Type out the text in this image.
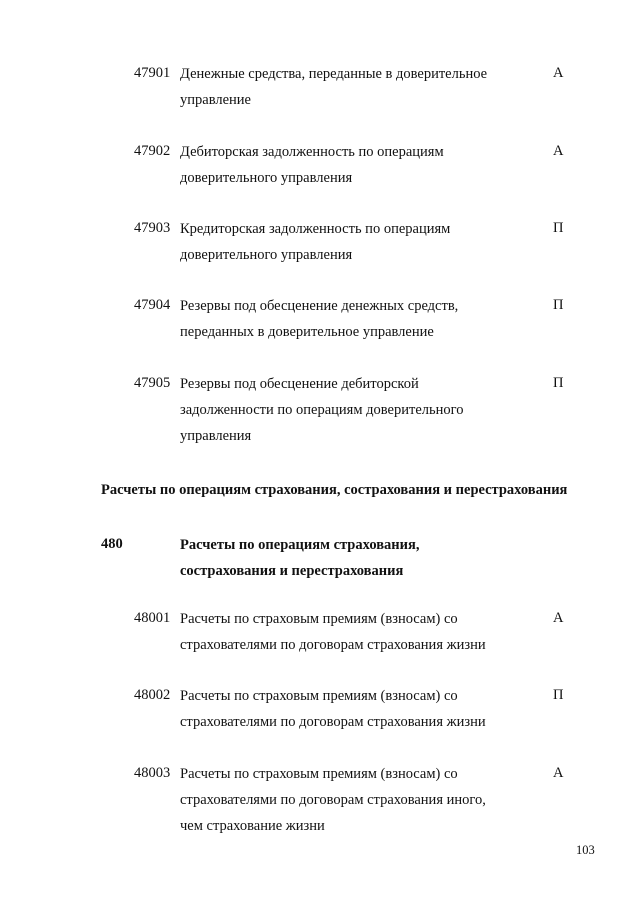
47901 Денежные средства, переданные в доверительное
управление
А
47902 Дебиторская задолженность по операциям
доверительного управления
А
47903 Кредиторская задолженность по операциям
доверительного управления
П
47904 Резервы под обесценение денежных средств,
переданных в доверительное управление
П
47905 Резервы под обесценение дебиторской
задолженности по операциям доверительного
управления
П
Расчеты по операциям страхования, сострахования и перестрахования
480	Расчеты по операциям страхования,
сострахования и перестрахования
48001 Расчеты по страховым премиям (взносам) со
страхователями по договорам страхования жизни
А
48002 Расчеты по страховым премиям (взносам) со
страхователями по договорам страхования жизни
П
48003 Расчеты по страховым премиям (взносам) со
страхователями по договорам страхования иного,
чем страхование жизни
А
103
